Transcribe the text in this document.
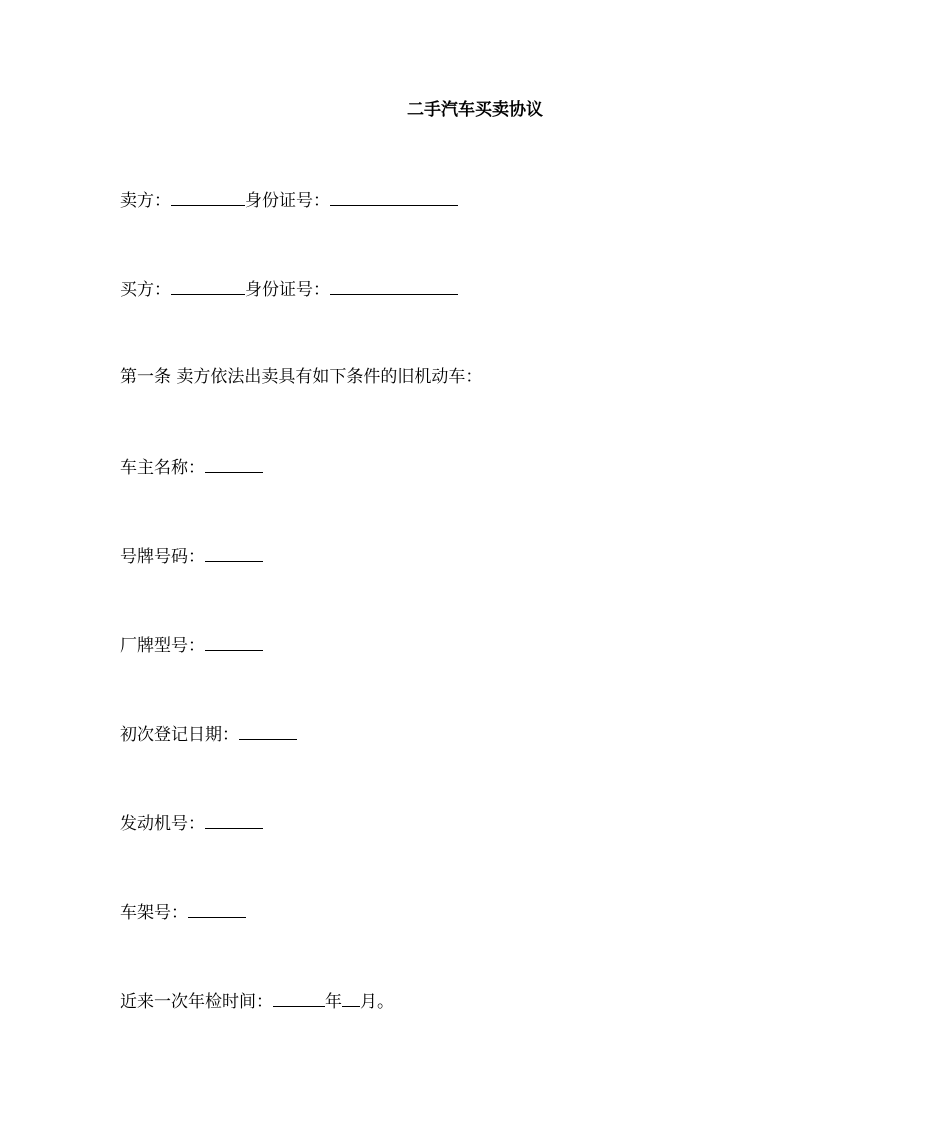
二手汽车买卖协议
卖方：	身份证号：
买方：	身份证号：
第一条 卖方依法出卖具有如下条件的旧机动车：
车主名称：
号牌号码：
厂牌型号：
初次登记日期：
发动机号：
车架号：
近来一次年检时间：	年 月。
